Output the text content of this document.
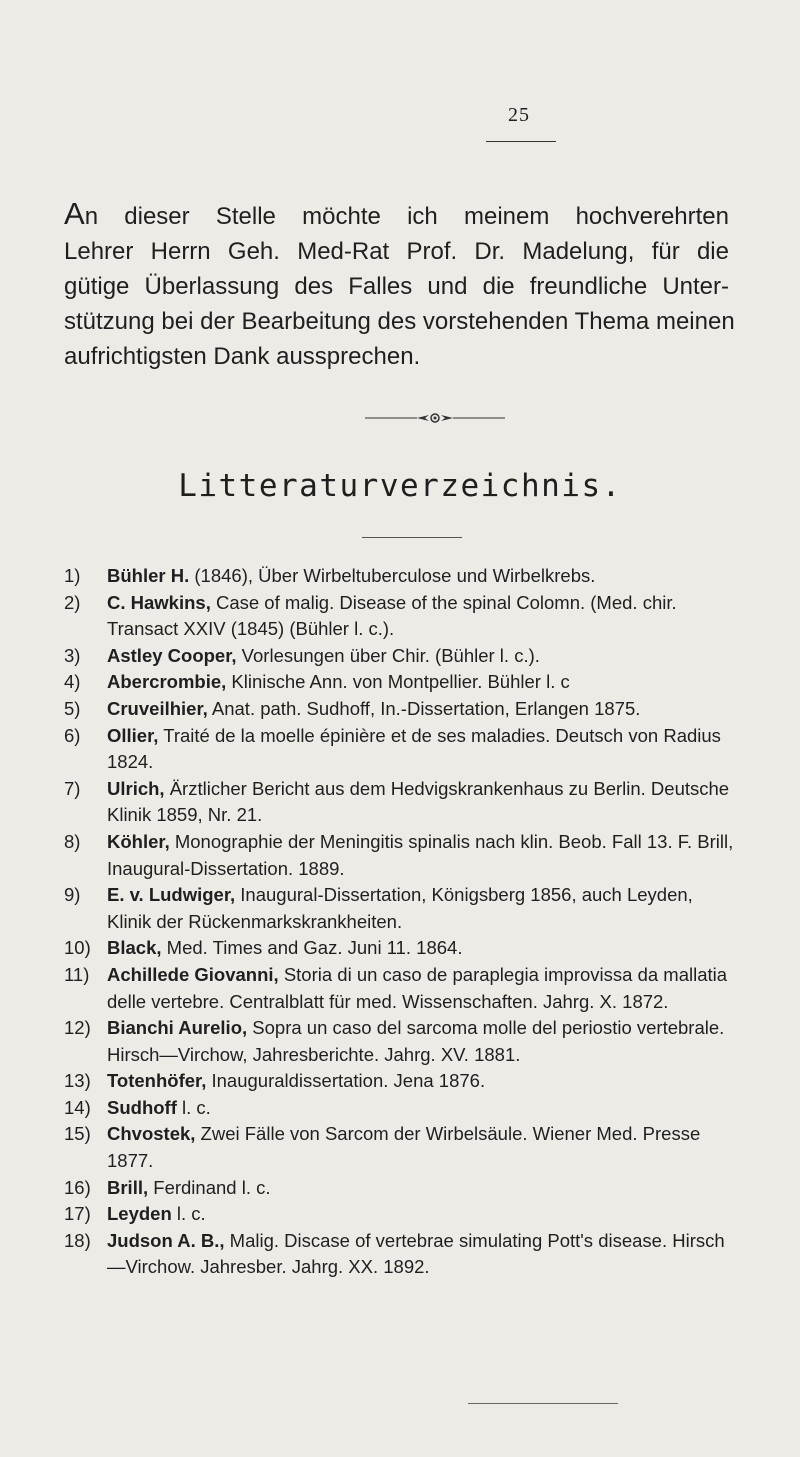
25
An dieser Stelle möchte ich meinem hochverehrten
Lehrer Herrn Geh. Med-Rat Prof. Dr. Madelung, für die
gütige Überlassung des Falles und die freundliche Unter-
stützung bei der Bearbeitung des vorstehenden Thema meinen
aufrichtigsten Dank aussprechen.
Litteraturverzeichnis.
1)	Bühler H. (1846), Über Wirbeltuberculose und Wirbelkrebs.
2)	C. Hawkins, Case of malig. Disease of the spinal Colomn. (Med. chir. Transact XXIV (1845) (Bühler l. c.).
3)	Astley Cooper, Vorlesungen über Chir. (Bühler l. c.).
4)	Abercrombie, Klinische Ann. von Montpellier. Bühler l. c
5)	Cruveilhier, Anat. path. Sudhoff, In.-Dissertation, Erlangen 1875.
6)	Ollier, Traité de la moelle épinière et de ses maladies. Deutsch von Radius 1824.
7)	Ulrich, Ärztlicher Bericht aus dem Hedvigskrankenhaus zu Berlin. Deutsche Klinik 1859, Nr. 21.
8)	Köhler, Monographie der Meningitis spinalis nach klin. Beob. Fall 13. F. Brill, Inaugural-Dissertation. 1889.
9)	E. v. Ludwiger, Inaugural-Dissertation, Königsberg 1856, auch Leyden, Klinik der Rückenmarkskrankheiten.
10) Black, Med. Times and Gaz. Juni 11. 1864.
11) Achillede Giovanni, Storia di un caso de paraplegia improvissa da mallatia delle vertebre. Centralblatt für med. Wissenschaften. Jahrg. X. 1872.
12) Bianchi Aurelio, Sopra un caso del sarcoma molle del periostio vertebrale. Hirsch—Virchow, Jahresberichte. Jahrg. XV. 1881.
13) Totenhöfer, Inauguraldissertation. Jena 1876.
14) Sudhoff l. c.
15) Chvostek, Zwei Fälle von Sarcom der Wirbelsäule. Wiener Med. Presse 1877.
16) Brill, Ferdinand l. c.
17) Leyden l. c.
18) Judson A. B., Malig. Discase of vertebrae simulating Pott's disease. Hirsch—Virchow. Jahresber. Jahrg. XX. 1892.
